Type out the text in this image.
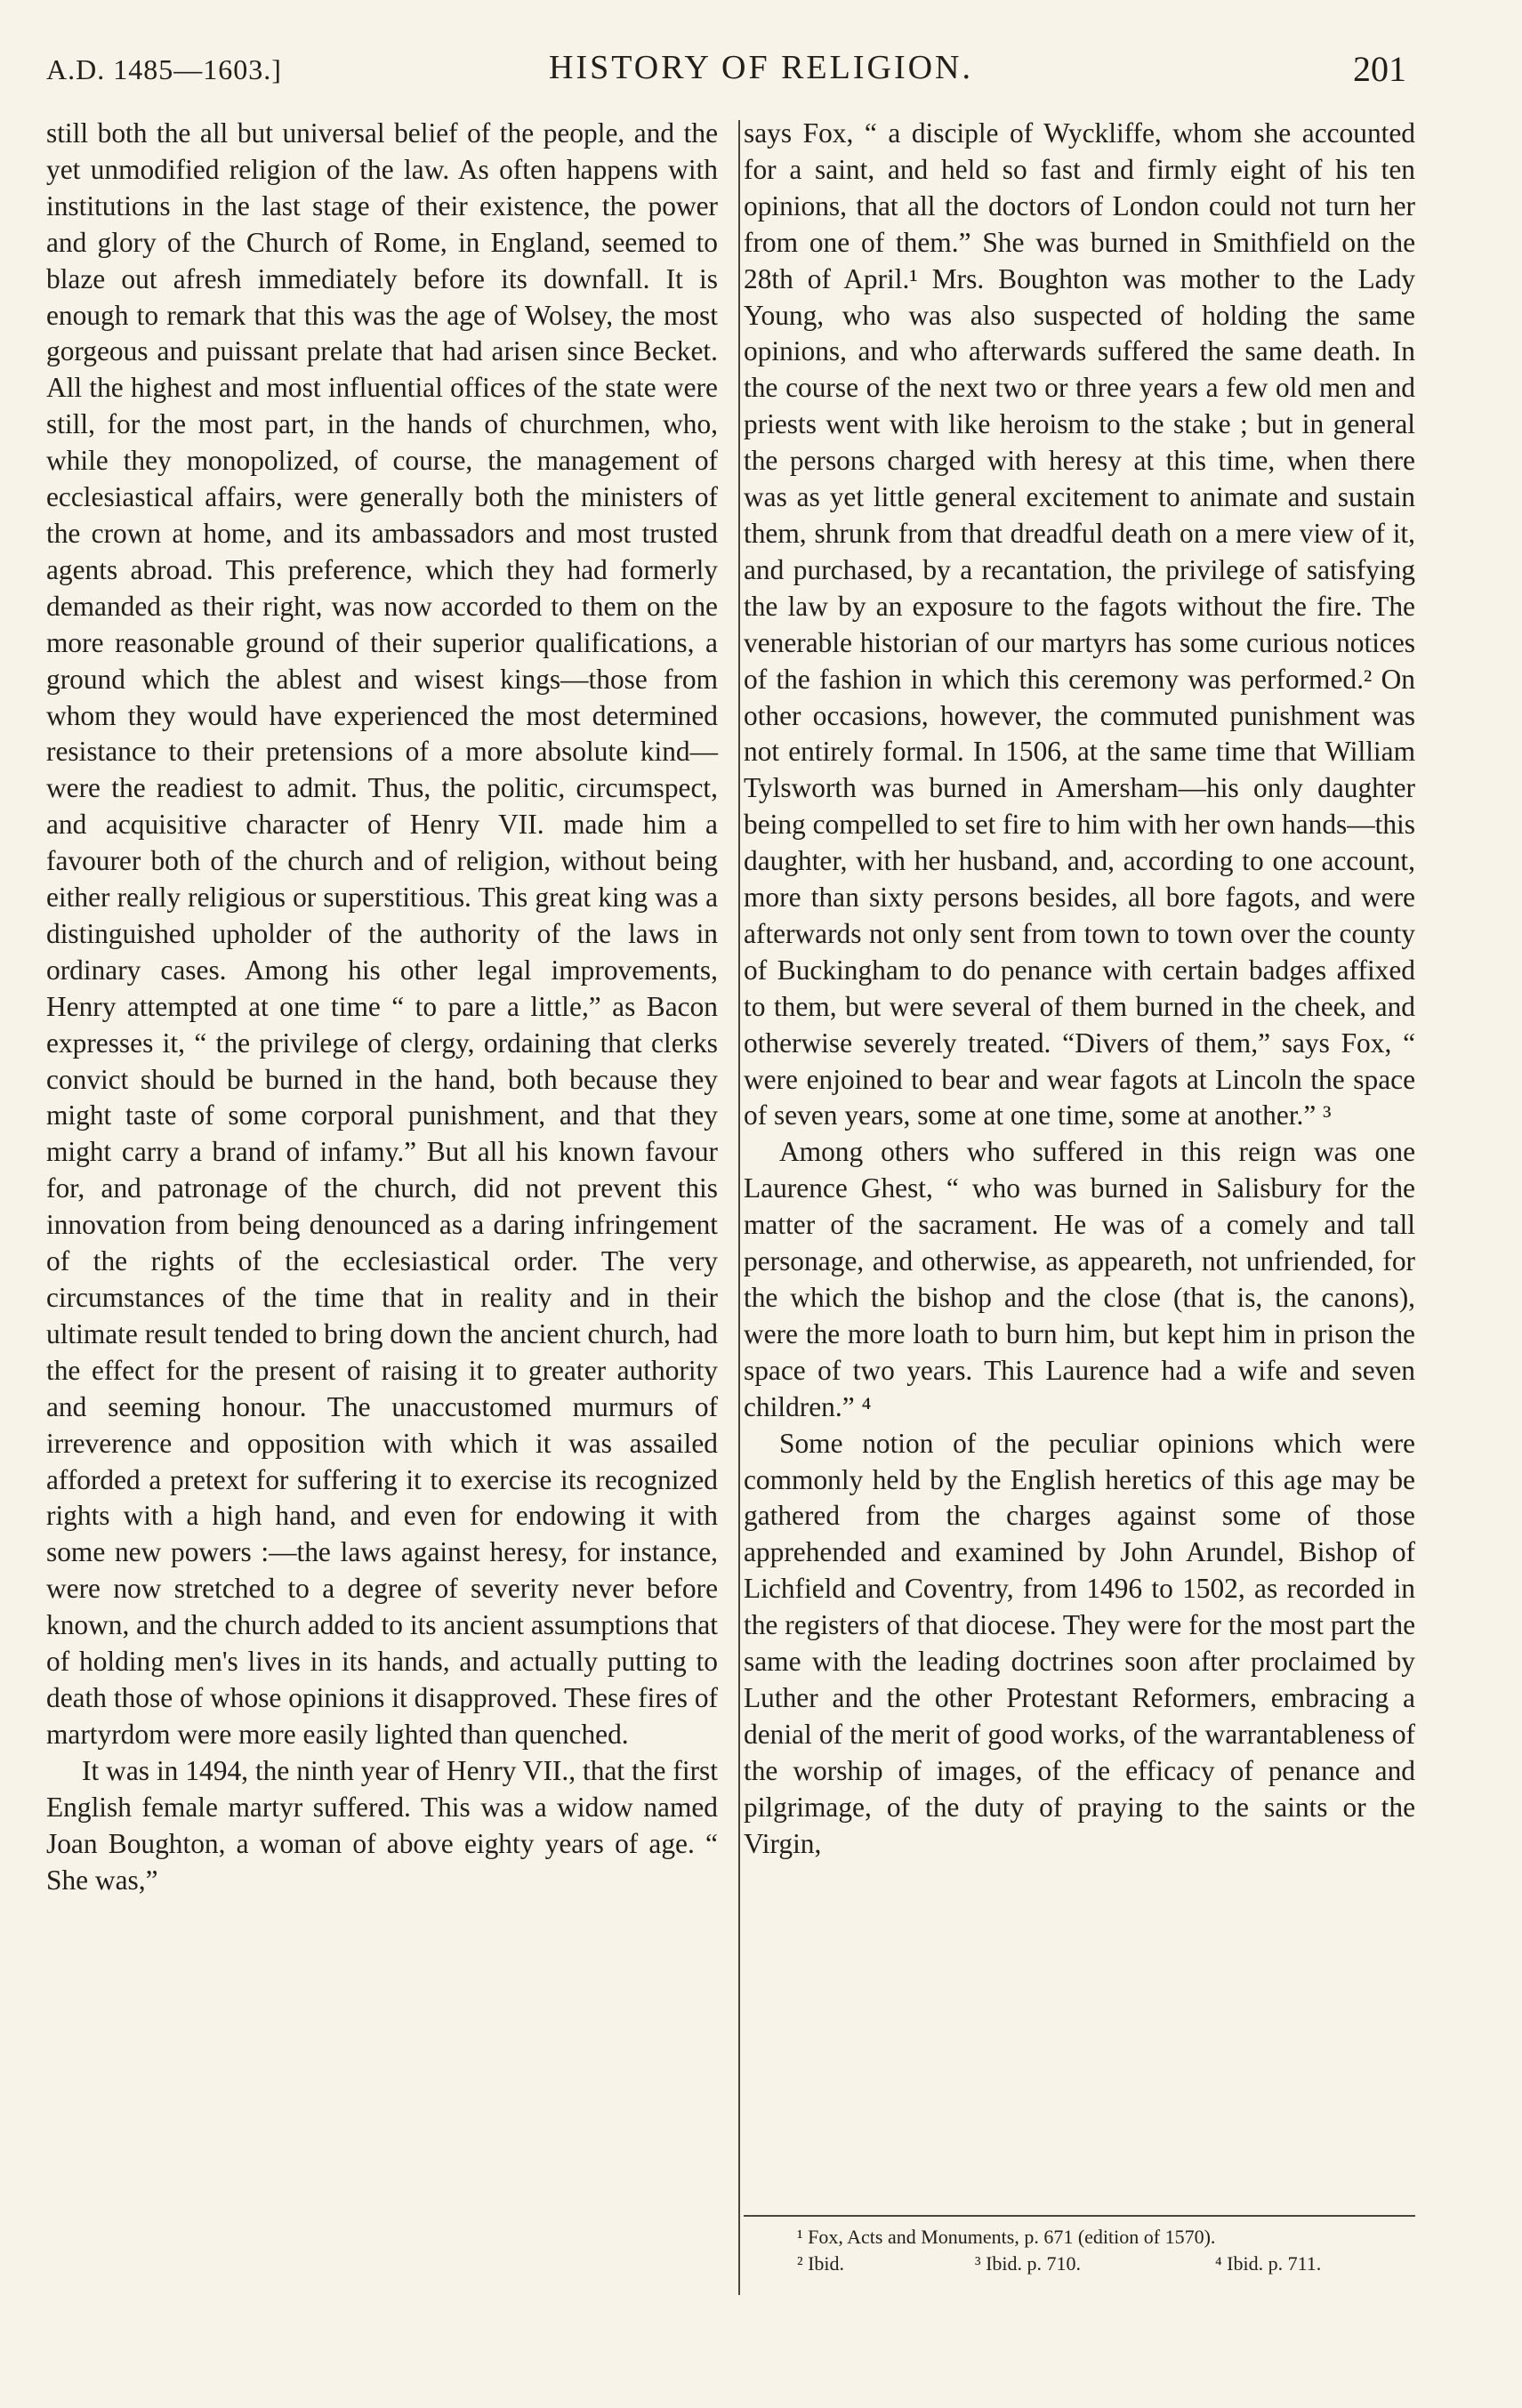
A.D. 1485—1603.]	HISTORY OF RELIGION.	201

still both the all but universal belief of the people, and the yet unmodified religion of the law. As often happens with institutions in the last stage of their existence, the power and glory of the Church of Rome, in England, seemed to blaze out afresh immediately before its downfall. It is enough to remark that this was the age of Wolsey, the most gorgeous and puissant prelate that had arisen since Becket. All the highest and most influential offices of the state were still, for the most part, in the hands of churchmen, who, while they monopolized, of course, the management of ecclesiastical affairs, were generally both the ministers of the crown at home, and its ambassadors and most trusted agents abroad. This preference, which they had formerly demanded as their right, was now accorded to them on the more reasonable ground of their superior qualifications, a ground which the ablest and wisest kings—those from whom they would have experienced the most determined resistance to their pretensions of a more absolute kind—were the readiest to admit. Thus, the politic, circumspect, and acquisitive character of Henry VII. made him a favourer both of the church and of religion, without being either really religious or superstitious. This great king was a distinguished upholder of the authority of the laws in ordinary cases. Among his other legal improvements, Henry attempted at one time “ to pare a little,” as Bacon expresses it, “ the privilege of clergy, ordaining that clerks convict should be burned in the hand, both because they might taste of some corporal punishment, and that they might carry a brand of infamy.” But all his known favour for, and patronage of the church, did not prevent this innovation from being denounced as a daring infringement of the rights of the ecclesiastical order. The very circumstances of the time that in reality and in their ultimate result tended to bring down the ancient church, had the effect for the present of raising it to greater authority and seeming honour. The unaccustomed murmurs of irreverence and opposition with which it was assailed afforded a pretext for suffering it to exercise its recognized rights with a high hand, and even for endowing it with some new powers :—the laws against heresy, for instance, were now stretched to a degree of severity never before known, and the church added to its ancient assumptions that of holding men's lives in its hands, and actually putting to death those of whose opinions it disapproved. These fires of martyrdom were more easily lighted than quenched.

It was in 1494, the ninth year of Henry VII., that the first English female martyr suffered. This was a widow named Joan Boughton, a woman of above eighty years of age. “ She was,”

says Fox, “ a disciple of Wyckliffe, whom she accounted for a saint, and held so fast and firmly eight of his ten opinions, that all the doctors of London could not turn her from one of them.” She was burned in Smithfield on the 28th of April.¹ Mrs. Boughton was mother to the Lady Young, who was also suspected of holding the same opinions, and who afterwards suffered the same death. In the course of the next two or three years a few old men and priests went with like heroism to the stake ; but in general the persons charged with heresy at this time, when there was as yet little general excitement to animate and sustain them, shrunk from that dreadful death on a mere view of it, and purchased, by a recantation, the privilege of satisfying the law by an exposure to the fagots without the fire. The venerable historian of our martyrs has some curious notices of the fashion in which this ceremony was performed.² On other occasions, however, the commuted punishment was not entirely formal. In 1506, at the same time that William Tylsworth was burned in Amersham—his only daughter being compelled to set fire to him with her own hands—this daughter, with her husband, and, according to one account, more than sixty persons besides, all bore fagots, and were afterwards not only sent from town to town over the county of Buckingham to do penance with certain badges affixed to them, but were several of them burned in the cheek, and otherwise severely treated. “Divers of them,” says Fox, “ were enjoined to bear and wear fagots at Lincoln the space of seven years, some at one time, some at another.” ³

Among others who suffered in this reign was one Laurence Ghest, “ who was burned in Salisbury for the matter of the sacrament. He was of a comely and tall personage, and otherwise, as appeareth, not unfriended, for the which the bishop and the close (that is, the canons), were the more loath to burn him, but kept him in prison the space of two years. This Laurence had a wife and seven children.” ⁴

Some notion of the peculiar opinions which were commonly held by the English heretics of this age may be gathered from the charges against some of those apprehended and examined by John Arundel, Bishop of Lichfield and Coventry, from 1496 to 1502, as recorded in the registers of that diocese. They were for the most part the same with the leading doctrines soon after proclaimed by Luther and the other Protestant Reformers, embracing a denial of the merit of good works, of the warrantableness of the worship of images, of the efficacy of penance and pilgrimage, of the duty of praying to the saints or the Virgin,

¹ Fox, Acts and Monuments, p. 671 (edition of 1570).
² Ibid.	³ Ibid. p. 710.	⁴ Ibid. p. 711.
